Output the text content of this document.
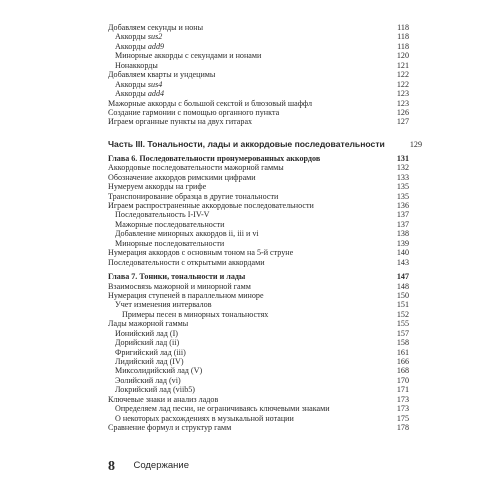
Добавляем секунды и ноны	118
Аккорды sus2	118
Аккорды add9	118
Минорные аккорды с секундами и нонами	120
Нонаккорды	121
Добавляем кварты и ундецимы	122
Аккорды sus4	122
Аккорды add4	123
Мажорные аккорды с большой секстой и блюзовый шаффл	123
Создание гармонии с помощью органного пункта	126
Играем органные пункты на двух гитарах	127
Часть III. Тональности, лады и аккордовые последовательности	129
Глава 6. Последовательности пронумерованных аккордов	131
Аккордовые последовательности мажорной гаммы	132
Обозначение аккордов римскими цифрами	133
Нумеруем аккорды на грифе	135
Транспонирование образца в другие тональности	135
Играем распространенные аккордовые последовательности	136
Последовательность I-IV-V	137
Мажорные последовательности	137
Добавление минорных аккордов ii, iii и vi	138
Минорные последовательности	139
Нумерация аккордов с основным тоном на 5-й струне	140
Последовательности с открытыми аккордами	143
Глава 7. Тоники, тональности и лады	147
Взаимосвязь мажорной и минорной гамм	148
Нумерация ступеней в параллельном миноре	150
Учет изменения интервалов	151
Примеры песен в минорных тональностях	152
Лады мажорной гаммы	155
Ионийский лад (I)	157
Дорийский лад (ii)	158
Фригийский лад (iii)	161
Лидийский лад (IV)	166
Миксолидийский лад (V)	168
Эолийский лад (vi)	170
Локрийский лад (viib5)	171
Ключевые знаки и анализ ладов	173
Определяем лад песни, не ограничиваясь ключевыми знаками	173
О некоторых расхождениях в музыкальной нотации	175
Сравнение формул и структур гамм	178
8 Содержание
